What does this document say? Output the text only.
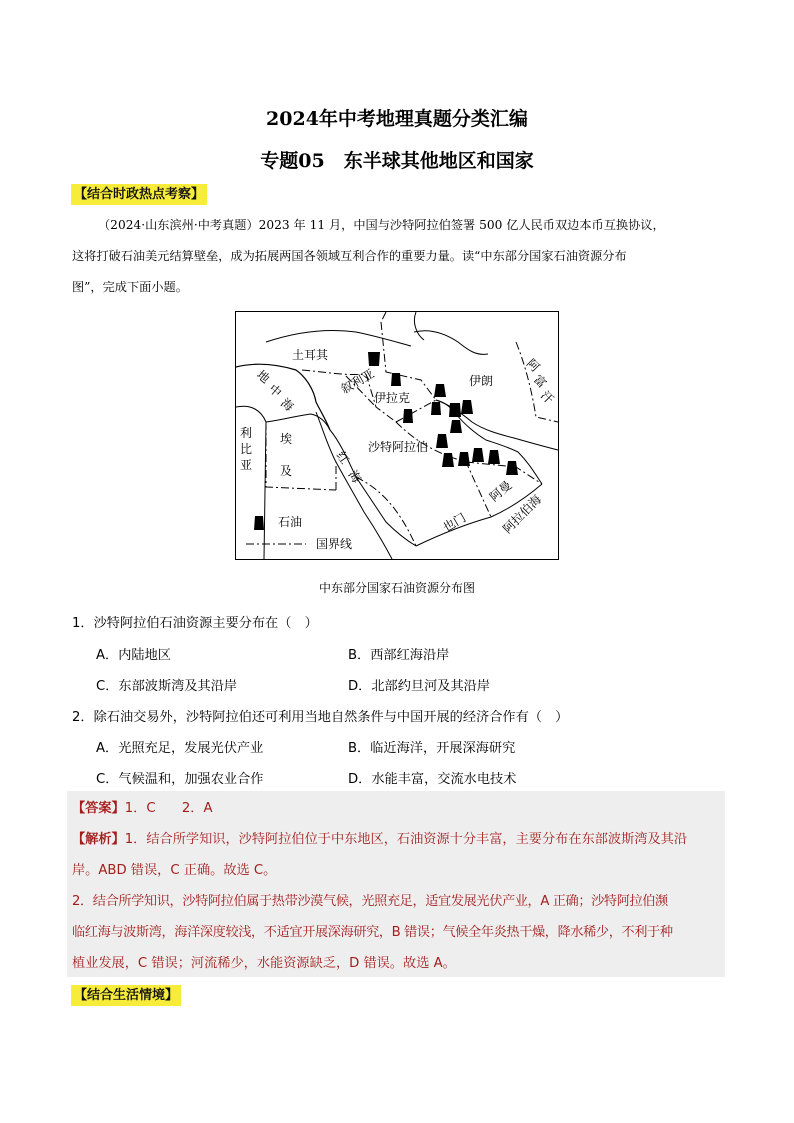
2024年中考地理真题分类汇编
专题05　东半球其他地区和国家
【结合时政热点考察】
（2024·山东滨州·中考真题）2023 年 11 月，中国与沙特阿拉伯签署 500 亿人民币双边本币互换协议，
这将打破石油美元结算壁垒，成为拓展两国各领域互利合作的重要力量。读“中东部分国家石油资源分布
图”，完成下面小题。
土耳其
叙利亚
伊拉克
伊朗
阿
富
汗
地
中
海
利
比
亚
埃
及
红
海
沙特阿拉伯
阿曼
也门	阿拉伯海
石油
国界线
中东部分国家石油资源分布图
1．沙特阿拉伯石油资源主要分布在（　）
A．内陆地区	B．西部红海沿岸
C．东部波斯湾及其沿岸	D．北部约旦河及其沿岸
2．除石油交易外，沙特阿拉伯还可利用当地自然条件与中国开展的经济合作有（　）
A．光照充足，发展光伏产业	B．临近海洋，开展深海研究
C．气候温和，加强农业合作	D．水能丰富，交流水电技术
【答案】1．C　　2．A
【解析】1．结合所学知识，沙特阿拉伯位于中东地区，石油资源十分丰富，主要分布在东部波斯湾及其沿
岸。ABD 错误，C 正确。故选 C。
2．结合所学知识，沙特阿拉伯属于热带沙漠气候，光照充足，适宜发展光伏产业，A 正确；沙特阿拉伯濒
临红海与波斯湾，海洋深度较浅，不适宜开展深海研究，B 错误；气候全年炎热干燥，降水稀少，不利于种
植业发展，C 错误；河流稀少，水能资源缺乏，D 错误。故选 A。
【结合生活情境】
